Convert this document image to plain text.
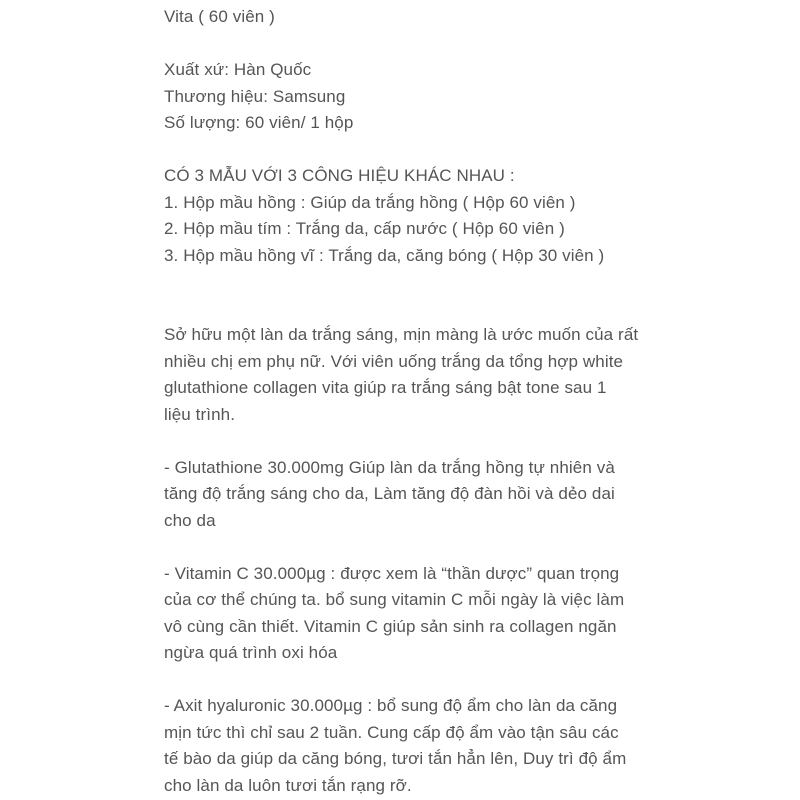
Vita ( 60 viên )
Xuất xứ: Hàn Quốc
Thương hiệu: Samsung
Số lượng: 60 viên/ 1 hộp
CÓ 3 MẪU VỚI 3 CÔNG HIỆU KHÁC NHAU :
1. Hộp mầu hồng : Giúp da trắng hồng ( Hộp 60 viên )
2. Hộp mầu tím : Trắng da, cấp nước ( Hộp 60 viên )
3. Hộp mầu hồng vĩ : Trắng da, căng bóng ( Hộp 30 viên )
Sở hữu một làn da trắng sáng, mịn màng là ước muốn của rất
nhiều chị em phụ nữ. Với viên uống trắng da tổng hợp white
glutathione collagen vita giúp ra trắng sáng bật tone sau 1
liệu trình.
- Glutathione 30.000mg Giúp làn da trắng hồng tự nhiên và
tăng độ trắng sáng cho da, Làm tăng độ đàn hồi và dẻo dai
cho da
- Vitamin C 30.000µg : được xem là “thần dược” quan trọng
của cơ thể chúng ta. bổ sung vitamin C mỗi ngày là việc làm
vô cùng cần thiết. Vitamin C giúp sản sinh ra collagen ngăn
ngừa quá trình oxi hóa
- Axit hyaluronic 30.000µg : bổ sung độ ẩm cho làn da căng
mịn tức thì chỉ sau 2 tuần. Cung cấp độ ẩm vào tận sâu các
tế bào da giúp da căng bóng, tươi tắn hẳn lên, Duy trì độ ẩm
cho làn da luôn tươi tắn rạng rỡ.
